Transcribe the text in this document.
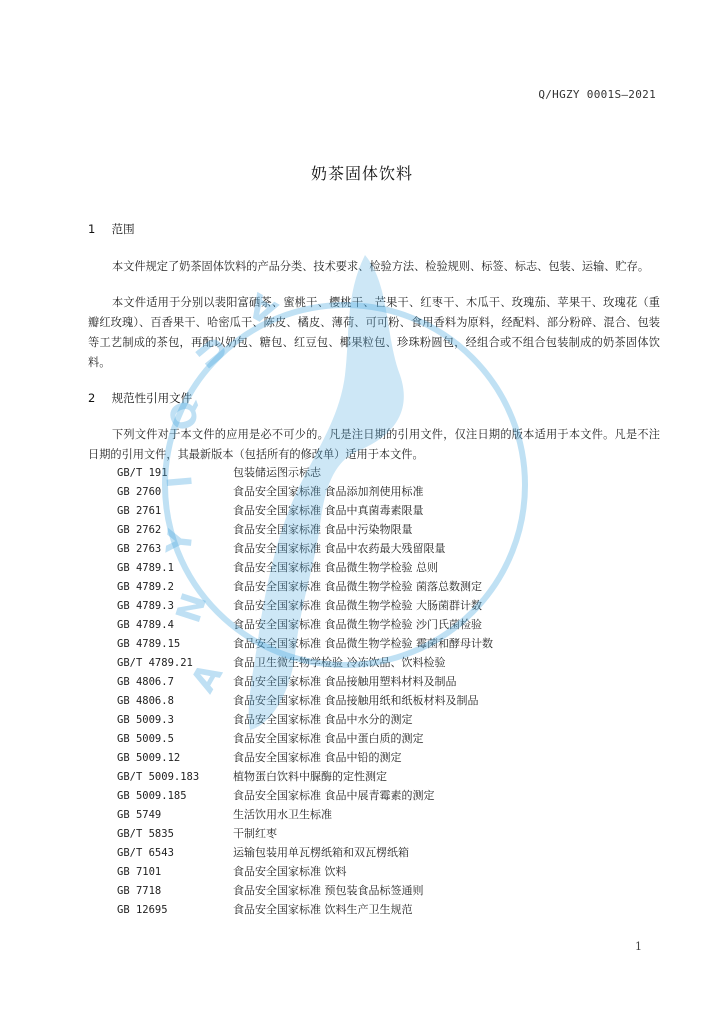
Q/HGZY 0001S—2021
奶茶固体饮料
1 范围

本文件规定了奶茶固体饮料的产品分类、技术要求、检验方法、检验规则、标签、标志、包装、运输、贮存。

本文件适用于分别以裴阳富硒茶、蜜桃干、樱桃干、芒果干、红枣干、木瓜干、玫瑰茄、苹果干、玫瑰花（重瓣红玫瑰）、百香果干、哈密瓜干、陈皮、橘皮、薄荷、可可粉、食用香料为原料，经配料、部分粉碎、混合、包装等工艺制成的茶包，再配以奶包、糖包、红豆包、椰果粒包、珍珠粉圆包，经组合或不组合包装制成的奶茶固体饮料。

2 规范性引用文件

下列文件对于本文件的应用是必不可少的。凡是注日期的引用文件，仅注日期的版本适用于本文件。凡是不注日期的引用文件，其最新版本（包括所有的修改单）适用于本文件。

GB/T 191	包装储运图示标志
GB 2760	食品安全国家标准 食品添加剂使用标准
GB 2761	食品安全国家标准 食品中真菌毒素限量
GB 2762	食品安全国家标准 食品中污染物限量
GB 2763	食品安全国家标准 食品中农药最大残留限量
GB 4789.1	食品安全国家标准 食品微生物学检验 总则
GB 4789.2	食品安全国家标准 食品微生物学检验 菌落总数测定
GB 4789.3	食品安全国家标准 食品微生物学检验 大肠菌群计数
GB 4789.4	食品安全国家标准 食品微生物学检验 沙门氏菌检验
GB 4789.15	食品安全国家标准 食品微生物学检验 霉菌和酵母计数
GB/T 4789.21	食品卫生微生物学检验 冷冻饮品、饮料检验
GB 4806.7	食品安全国家标准 食品接触用塑料材料及制品
GB 4806.8	食品安全国家标准 食品接触用纸和纸板材料及制品
GB 5009.3	食品安全国家标准 食品中水分的测定
GB 5009.5	食品安全国家标准 食品中蛋白质的测定
GB 5009.12	食品安全国家标准 食品中铅的测定
GB/T 5009.183	植物蛋白饮料中脲酶的定性测定
GB 5009.185	食品安全国家标准 食品中展青霉素的测定
GB 5749	生活饮用水卫生标准
GB/T 5835	干制红枣
GB/T 6543	运输包装用单瓦楞纸箱和双瓦楞纸箱
GB 7101	食品安全国家标准 饮料
GB 7718	食品安全国家标准 预包装食品标签通则
GB 12695	食品安全国家标准 饮料生产卫生规范
1
A
N
Y
I
Q
U
A
